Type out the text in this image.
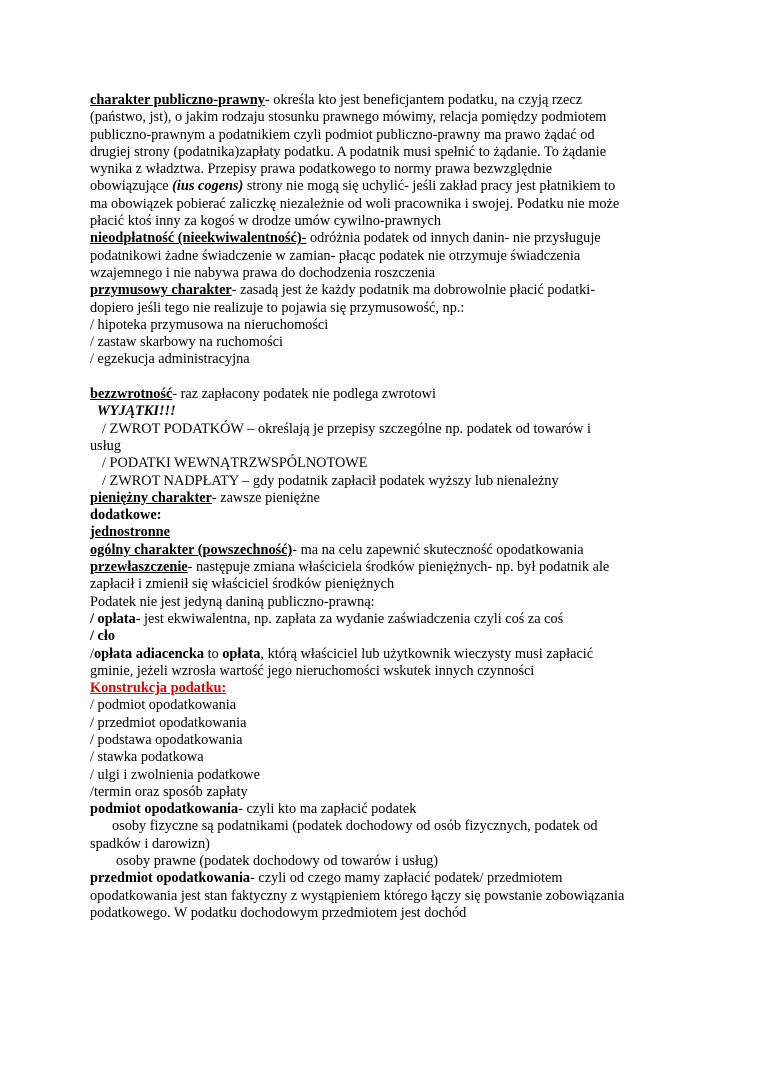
charakter publiczno-prawny- określa kto jest beneficjantem podatku, na czyją rzecz
(państwo, jst), o jakim rodzaju stosunku prawnego mówimy, relacja pomiędzy podmiotem
publiczno-prawnym a podatnikiem czyli podmiot publiczno-prawny ma prawo żądać od
drugiej strony (podatnika)zapłaty podatku. A podatnik musi spełnić to żądanie. To żądanie
wynika z władztwa. Przepisy prawa podatkowego to normy prawa bezwzględnie
obowiązujące (ius cogens) strony nie mogą się uchylić- jeśli zakład pracy jest płatnikiem to
ma obowiązek pobierać zaliczkę niezależnie od woli pracownika i swojej. Podatku nie może
płacić ktoś inny za kogoś w drodze umów cywilno-prawnych
nieodpłatność (nieekwiwalentność)- odróżnia podatek od innych danin- nie przysługuje
podatnikowi żadne świadczenie w zamian- płacąc podatek nie otrzymuje świadczenia
wzajemnego i nie nabywa prawa do dochodzenia roszczenia
przymusowy charakter- zasadą jest że każdy podatnik ma dobrowolnie płacić podatki-
dopiero jeśli tego nie realizuje to pojawia się przymusowość, np.:
/ hipoteka przymusowa na nieruchomości
/ zastaw skarbowy na ruchomości
/ egzekucja administracyjna
bezzwrotność- raz zapłacony podatek nie podlega zwrotowi
WYJĄTKI!!!
/ ZWROT PODATKÓW – określają je przepisy szczególne np. podatek od towarów i
usług
/ PODATKI WEWNĄTRZWSPÓLNOTOWE
/ ZWROT NADPŁATY – gdy podatnik zapłacił podatek wyższy lub nienależny
pieniężny charakter- zawsze pieniężne
dodatkowe:
jednostronne
ogólny charakter (powszechność)- ma na celu zapewnić skuteczność opodatkowania
przewłaszczenie- następuje zmiana właściciela środków pieniężnych- np. był podatnik ale
zapłacił i zmienił się właściciel środków pieniężnych
Podatek nie jest jedyną daniną publiczno-prawną:
/ opłata- jest ekwiwalentna, np. zapłata za wydanie zaświadczenia czyli coś za coś
/ cło
/opłata adiacencka to opłata, którą właściciel lub użytkownik wieczysty musi zapłacić
gminie, jeżeli wzrosła wartość jego nieruchomości wskutek innych czynności
Konstrukcja podatku:
/ podmiot opodatkowania
/ przedmiot opodatkowania
/ podstawa opodatkowania
/ stawka podatkowa
/ ulgi i zwolnienia podatkowe
/termin oraz sposób zapłaty
podmiot opodatkowania- czyli kto ma zapłacić podatek
osoby fizyczne są podatnikami (podatek dochodowy od osób fizycznych, podatek od
spadków i darowizn)
osoby prawne (podatek dochodowy od towarów i usług)
przedmiot opodatkowania- czyli od czego mamy zapłacić podatek/ przedmiotem
opodatkowania jest stan faktyczny z wystąpieniem którego łączy się powstanie zobowiązania
podatkowego. W podatku dochodowym przedmiotem jest dochód
